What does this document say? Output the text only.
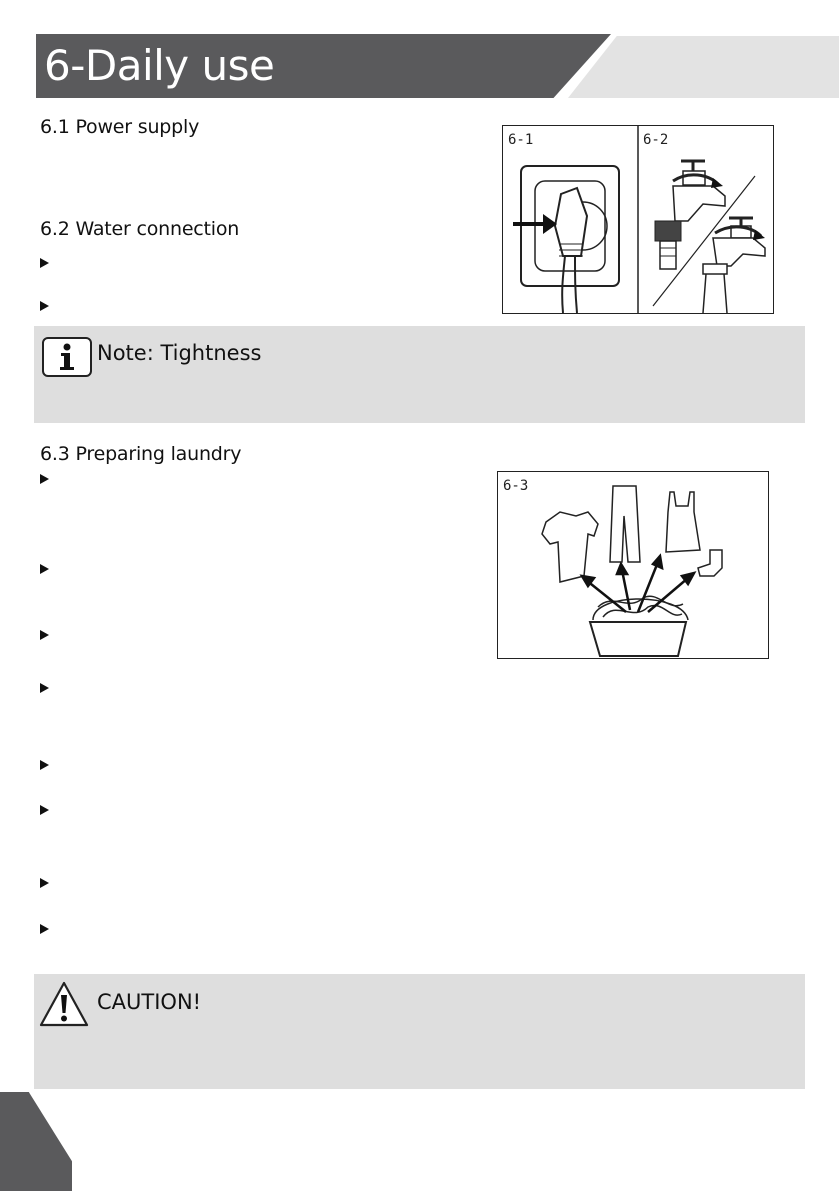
6-Daily use
6.1 Power supply
6.2 Water connection
6-1	6-2
Note: Tightness
6.3 Preparing laundry
6-3
CAUTION!
